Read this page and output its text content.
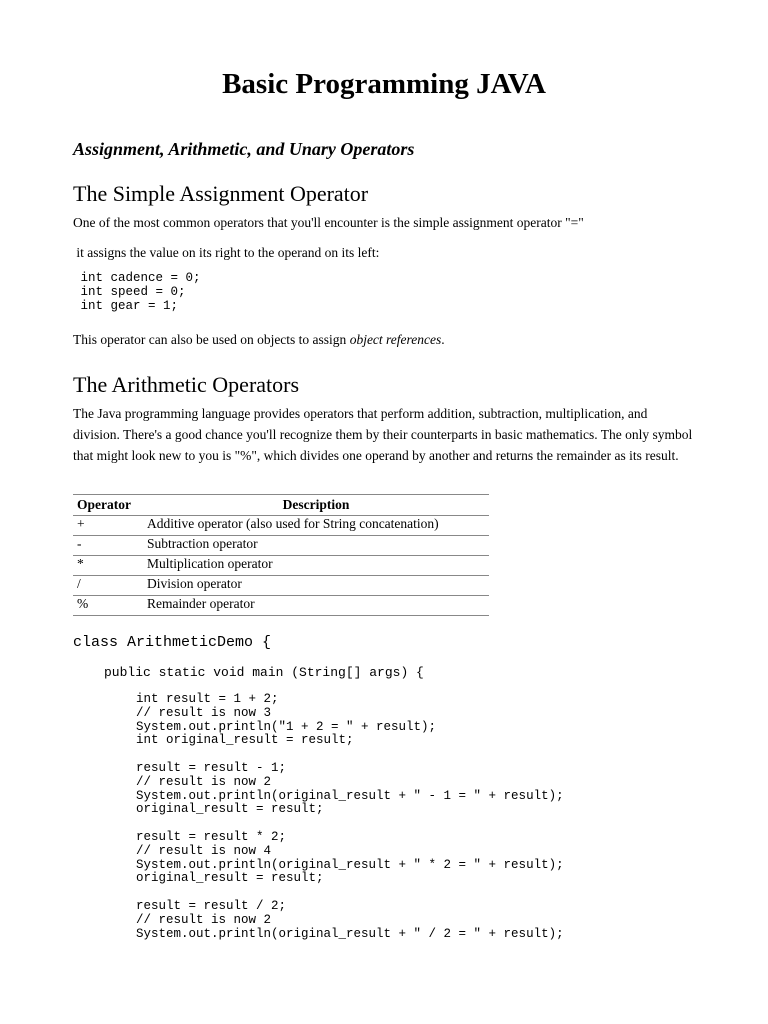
Basic Programming JAVA

Assignment, Arithmetic, and Unary Operators

The Simple Assignment Operator

One of the most common operators that you'll encounter is the simple assignment operator "="

it assigns the value on its right to the operand on its left:

int cadence = 0;
int speed = 0;
int gear = 1;

This operator can also be used on objects to assign object references.

The Arithmetic Operators

The Java programming language provides operators that perform addition, subtraction, multiplication, and division. There's a good chance you'll recognize them by their counterparts in basic mathematics. The only symbol that might look new to you is "%", which divides one operand by another and returns the remainder as its result.

Operator	Description
+	Additive operator (also used for String concatenation)
-	Subtraction operator
*	Multiplication operator
/	Division operator
%	Remainder operator
class ArithmeticDemo {
public static void main (String[] args) {
int result = 1 + 2;
// result is now 3
System.out.println("1 + 2 = " + result);
int original_result = result;

result = result - 1;
// result is now 2
System.out.println(original_result + " - 1 = " + result);
original_result = result;

result = result * 2;
// result is now 4
System.out.println(original_result + " * 2 = " + result);
original_result = result;

result = result / 2;
// result is now 2
System.out.println(original_result + " / 2 = " + result);
